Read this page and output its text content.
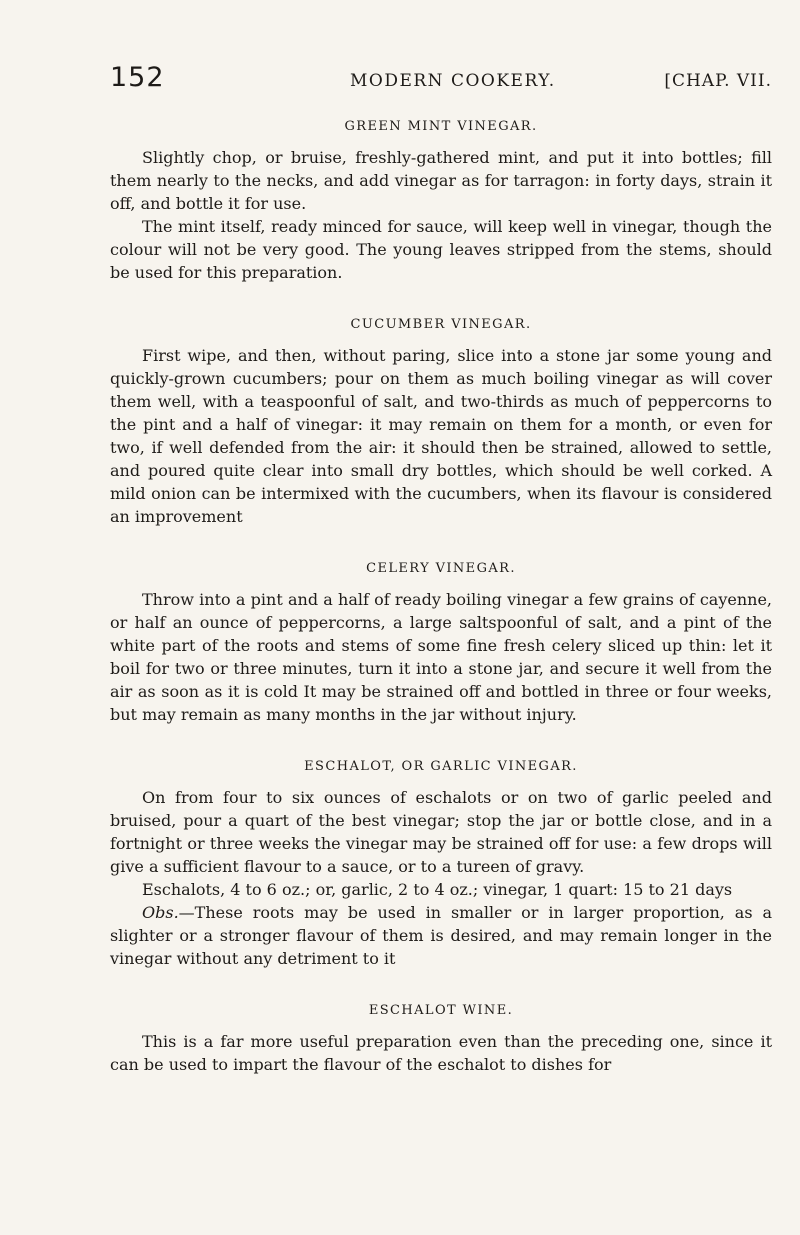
152	MODERN COOKERY.	[CHAP. VII.
GREEN MINT VINEGAR.

Slightly chop, or bruise, freshly-gathered mint, and put it into bottles; fill them nearly to the necks, and add vinegar as for tarragon: in forty days, strain it off, and bottle it for use.

The mint itself, ready minced for sauce, will keep well in vinegar, though the colour will not be very good. The young leaves stripped from the stems, should be used for this preparation.

CUCUMBER VINEGAR.

First wipe, and then, without paring, slice into a stone jar some young and quickly-grown cucumbers; pour on them as much boiling vinegar as will cover them well, with a teaspoonful of salt, and two-thirds as much of peppercorns to the pint and a half of vinegar: it may remain on them for a month, or even for two, if well defended from the air: it should then be strained, allowed to settle, and poured quite clear into small dry bottles, which should be well corked. A mild onion can be intermixed with the cucumbers, when its flavour is considered an improvement

CELERY VINEGAR.

Throw into a pint and a half of ready boiling vinegar a few grains of cayenne, or half an ounce of peppercorns, a large saltspoonful of salt, and a pint of the white part of the roots and stems of some fine fresh celery sliced up thin: let it boil for two or three minutes, turn it into a stone jar, and secure it well from the air as soon as it is cold It may be strained off and bottled in three or four weeks, but may remain as many months in the jar without injury.

ESCHALOT, OR GARLIC VINEGAR.

On from four to six ounces of eschalots or on two of garlic peeled and bruised, pour a quart of the best vinegar; stop the jar or bottle close, and in a fortnight or three weeks the vinegar may be strained off for use: a few drops will give a sufficient flavour to a sauce, or to a tureen of gravy.

Eschalots, 4 to 6 oz.; or, garlic, 2 to 4 oz.; vinegar, 1 quart: 15 to 21 days

Obs.—These roots may be used in smaller or in larger proportion, as a slighter or a stronger flavour of them is desired, and may remain longer in the vinegar without any detriment to it

ESCHALOT WINE.

This is a far more useful preparation even than the preceding one, since it can be used to impart the flavour of the eschalot to dishes for
